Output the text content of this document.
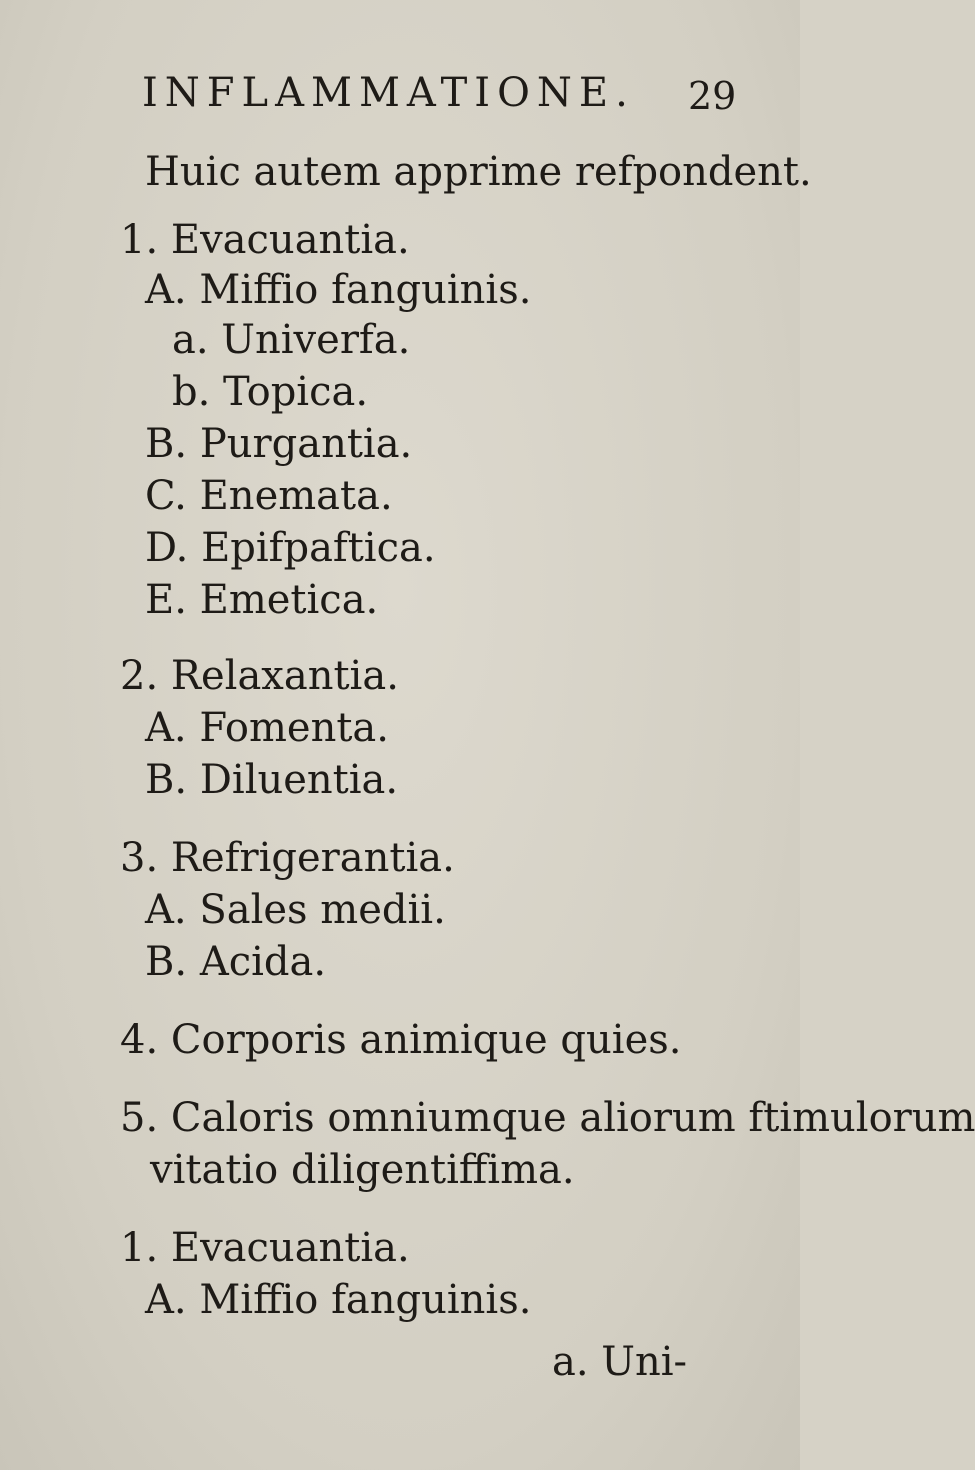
INFLAMMATIONE. 29
Huic autem apprime refpondent.
1. Evacuantia.
A. Miffio fanguinis.
a. Univerfa.
b. Topica.
B. Purgantia.
C. Enemata.
D. Epifpaftica.
E. Emetica.
2. Relaxantia.
A. Fomenta.
B. Diluentia.
3. Refrigerantia.
A. Sales medii.
B. Acida.
4. Corporis animique quies.
5. Caloris omniumque aliorum ftimulorum
vitatio diligentiffima.
1. Evacuantia.
A. Miffio fanguinis.
a. Uni-
